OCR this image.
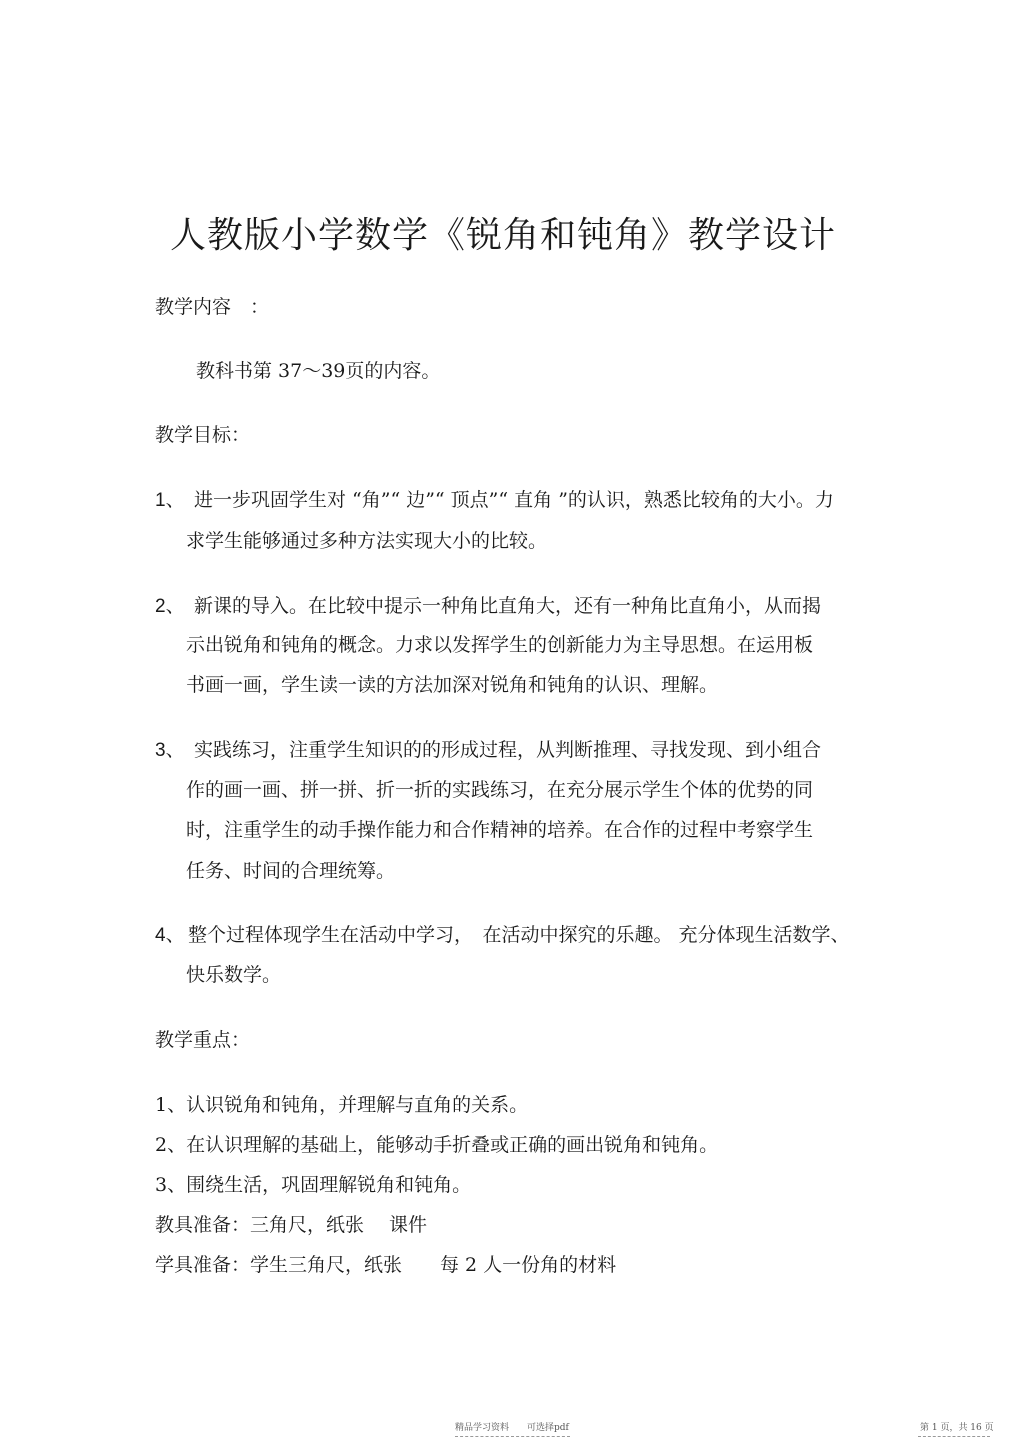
人教版小学数学《锐角和钝角》教学设计
教学内容　：
教科书第 37～39页的内容。
教学目标：
1、 进一步巩固学生对 “角”“ 边”“ 顶点”“ 直角 ”的认识，熟悉比较角的大小。力
求学生能够通过多种方法实现大小的比较。
2、 新课的导入。在比较中提示一种角比直角大，还有一种角比直角小，从而揭
示出锐角和钝角的概念。力求以发挥学生的创新能力为主导思想。在运用板
书画一画，学生读一读的方法加深对锐角和钝角的认识、理解。
3、 实践练习，注重学生知识的的形成过程，从判断推理、寻找发现、到小组合
作的画一画、拼一拼、折一折的实践练习，在充分展示学生个体的优势的同
时，注重学生的动手操作能力和合作精神的培养。在合作的过程中考察学生
任务、时间的合理统筹。
4、 整个过程体现学生在活动中学习，　在活动中探究的乐趣。 充分体现生活数学、
快乐数学。
教学重点：
1、认识锐角和钝角，并理解与直角的关系。
2、在认识理解的基础上，能够动手折叠或正确的画出锐角和钝角。
3、围绕生活，巩固理解锐角和钝角。
教具准备：三角尺，纸张　 课件
学具准备：学生三角尺，纸张　　每 2 人一份角的材料
精品学习资料　　可选择pdf	第 1 页，共 16 页
